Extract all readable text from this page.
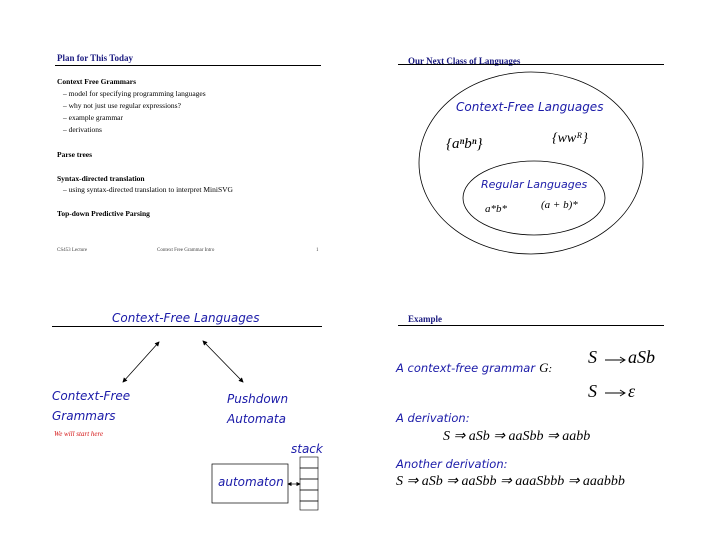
Plan for This Today
Context Free Grammars
– model for specifying programming languages
– why not just use regular expressions?
– example grammar
– derivations
Parse trees
Syntax-directed translation
– using syntax-directed translation to interpret MiniSVG
Top-down Predictive Parsing
CS453 Lecture	Context Free Grammar Intro	1
Our Next Class of Languages
Context-Free Languages
{aⁿbⁿ}	{wwᴿ}
Regular Languages
a*b*	(a + b)*
Context-Free Languages
Context-Free
Grammars
We will start here
Pushdown
Automata
stack
automaton
Example
A context-free grammar G:
S aSb
S ε
A derivation:
S ⇒ aSb ⇒ aaSbb ⇒ aabb
Another derivation:
S ⇒ aSb ⇒ aaSbb ⇒ aaaSbbb ⇒ aaabbb
